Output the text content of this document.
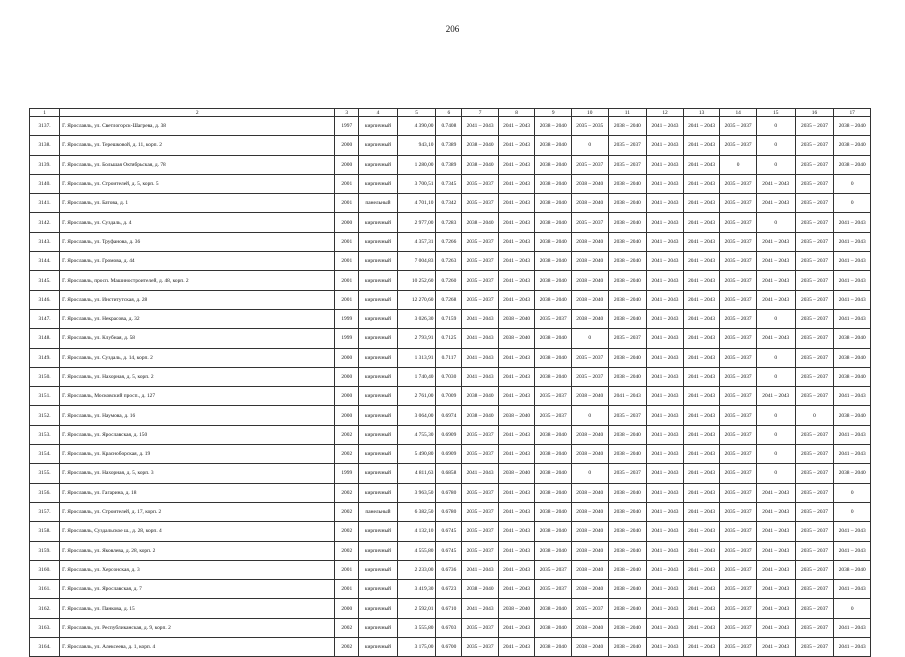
206
1	2	3	4	5	6	7	8	9	10	11	12	13	14	15	16	17
3137.	Г. Ярославль, ул. Светлогорск-Шагрева, д. 38	1997	кирпичный	4 390,00	0.7408	2041 – 2043	2041 – 2043	2038 – 2040	2035 – 2035	2038 – 2040	2041 – 2043	2041 – 2043	2035 – 2037	0	2035 – 2037	2038 – 2040
3138.	Г. Ярославль, ул. Терешковой, д. 11, корп. 2	2000	кирпичный	943,10	0.7389	2038 – 2040	2041 – 2043	2038 – 2040	0	2035 – 2037	2041 – 2043	2041 – 2043	2035 – 2037	0	2035 – 2037	2038 – 2040
3139.	Г. Ярославль, ул. Большая Октябрьская, д. 78	2000	кирпичный	1 280,00	0.7389	2038 – 2040	2041 – 2043	2038 – 2040	2035 – 2037	2035 – 2037	2041 – 2043	2041 – 2043	0	0	2035 – 2037	2038 – 2040
3140.	Г. Ярославль, ул. Строителей, д. 5, корп. 5	2001	кирпичный	3 700,51	0.7345	2035 – 2037	2041 – 2043	2038 – 2040	2038 – 2040	2038 – 2040	2041 – 2043	2041 – 2043	2035 – 2037	2041 – 2043	2035 – 2037	0
3141.	Г. Ярославль, ул. Батова, д. 1	2001	панельный	4 701,10	0.7342	2035 – 2037	2041 – 2043	2038 – 2040	2038 – 2040	2038 – 2040	2041 – 2043	2041 – 2043	2035 – 2037	2041 – 2043	2035 – 2037	0
3142.	Г. Ярославль, ул. Суздаль, д. 4	2000	кирпичный	2 977,00	0.7283	2038 – 2040	2041 – 2043	2038 – 2040	2035 – 2037	2038 – 2040	2041 – 2043	2041 – 2043	2035 – 2037	0	2035 – 2037	2041 – 2043
3143.	Г. Ярославль, ул. Труфанова, д. 36	2001	кирпичный	4 357,31	0.7266	2035 – 2037	2041 – 2043	2038 – 2040	2038 – 2040	2038 – 2040	2041 – 2043	2041 – 2043	2035 – 2037	2041 – 2043	2035 – 2037	2041 – 2043
3144.	Г. Ярославль, ул. Громова, д. 44	2001	кирпичный	7 004,83	0.7263	2035 – 2037	2041 – 2043	2038 – 2040	2038 – 2040	2038 – 2040	2041 – 2043	2041 – 2043	2035 – 2037	2041 – 2043	2035 – 2037	2041 – 2043
3145.	Г. Ярославль, просп. Машиностроителей, д. 48, корп. 2	2001	кирпичный	10 252,60	0.7260	2035 – 2037	2041 – 2043	2038 – 2040	2038 – 2040	2038 – 2040	2041 – 2043	2041 – 2043	2035 – 2037	2041 – 2043	2035 – 2037	2041 – 2043
3146.	Г. Ярославль, ул. Институтская, д. 28	2001	кирпичный	12 270,60	0.7268	2035 – 2037	2041 – 2043	2038 – 2040	2038 – 2040	2038 – 2040	2041 – 2043	2041 – 2043	2035 – 2037	2041 – 2043	2035 – 2037	2041 – 2043
3147.	Г. Ярославль, ул. Некрасова, д. 32	1999	кирпичный	3 026,30	0.7159	2041 – 2043	2038 – 2040	2035 – 2037	2038 – 2040	2038 – 2040	2041 – 2043	2041 – 2043	2035 – 2037	0	2035 – 2037	2041 – 2043
3148.	Г. Ярославль, ул. Клубная, д. 58	1999	кирпичный	2 793,91	0.7125	2041 – 2043	2038 – 2040	2038 – 2040	0	2035 – 2037	2041 – 2043	2041 – 2043	2035 – 2037	2041 – 2043	2035 – 2037	2038 – 2040
3149.	Г. Ярославль, ул. Суздаль, д. 14, корп. 2	2000	кирпичный	1 313,91	0.7117	2041 – 2043	2041 – 2043	2038 – 2040	2035 – 2037	2038 – 2040	2041 – 2043	2041 – 2043	2035 – 2037	0	2035 – 2037	2038 – 2040
3150.	Г. Ярославль, ул. Нахорная, д. 5, корп. 2	2000	кирпичный	1 740,40	0.7030	2041 – 2043	2041 – 2043	2038 – 2040	2035 – 2037	2038 – 2040	2041 – 2043	2041 – 2043	2035 – 2037	0	2035 – 2037	2038 – 2040
3151.	Г. Ярославль, Московский просп., д. 127	2000	кирпичный	2 761,00	0.7009	2038 – 2040	2041 – 2043	2035 – 2037	2038 – 2040	2041 – 2043	2041 – 2043	2041 – 2043	2035 – 2037	2041 – 2043	2035 – 2037	2041 – 2043
3152.	Г. Ярославль, ул. Наумова, д. 16	2000	кирпичный	3 064,00	0.6974	2038 – 2040	2038 – 2040	2035 – 2037	0	2035 – 2037	2041 – 2043	2041 – 2043	2035 – 2037	0	0	2038 – 2040
3153.	Г. Ярославль, ул. Ярославская, д. 150	2002	кирпичный	4 755,30	0.6909	2035 – 2037	2041 – 2043	2038 – 2040	2038 – 2040	2038 – 2040	2041 – 2043	2041 – 2043	2035 – 2037	0	2035 – 2037	2041 – 2043
3154.	Г. Ярославль, ул. Красноборская, д. 19	2002	кирпичный	5 490,80	0.6909	2035 – 2037	2041 – 2043	2038 – 2040	2038 – 2040	2038 – 2040	2041 – 2043	2041 – 2043	2035 – 2037	0	2035 – 2037	2041 – 2043
3155.	Г. Ярославль, ул. Нахорная, д. 5, корп. 3	1999	кирпичный	4 811,63	0.6858	2041 – 2043	2038 – 2040	2038 – 2040	0	2035 – 2037	2041 – 2043	2041 – 2043	2035 – 2037	0	2035 – 2037	2038 – 2040
3156.	Г. Ярославль, ул. Гагарина, д. 18	2002	кирпичный	3 963,50	0.6780	2035 – 2037	2041 – 2043	2038 – 2040	2038 – 2040	2038 – 2040	2041 – 2043	2041 – 2043	2035 – 2037	2041 – 2043	2035 – 2037	0
3157.	Г. Ярославль, ул. Строителей, д. 17, корп. 2	2002	панельный	6 382,50	0.6780	2035 – 2037	2041 – 2043	2038 – 2040	2038 – 2040	2038 – 2040	2041 – 2043	2041 – 2043	2035 – 2037	2041 – 2043	2035 – 2037	0
3158.	Г. Ярославль, Суздальское ш., д. 28, корп. 4	2002	кирпичный	4 132,10	0.6745	2035 – 2037	2041 – 2043	2038 – 2040	2038 – 2040	2038 – 2040	2041 – 2043	2041 – 2043	2035 – 2037	2041 – 2043	2035 – 2037	2041 – 2043
3159.	Г. Ярославль, ул. Яковлева, д. 28, корп. 2	2002	кирпичный	4 555,80	0.6745	2035 – 2037	2041 – 2043	2038 – 2040	2038 – 2040	2038 – 2040	2041 – 2043	2041 – 2043	2035 – 2037	2041 – 2043	2035 – 2037	2041 – 2043
3160.	Г. Ярославль, ул. Херсонская, д. 3	2001	кирпичный	2 233,00	0.6736	2041 – 2043	2041 – 2043	2035 – 2037	2038 – 2040	2038 – 2040	2041 – 2043	2041 – 2043	2035 – 2037	2041 – 2043	2035 – 2037	2038 – 2040
3161.	Г. Ярославль, ул. Ярославская, д. 7	2001	кирпичный	3 419,30	0.6723	2038 – 2040	2041 – 2043	2035 – 2037	2038 – 2040	2038 – 2040	2041 – 2043	2041 – 2043	2035 – 2037	2041 – 2043	2035 – 2037	2041 – 2043
3162.	Г. Ярославль, ул. Панкова, д. 15	2000	кирпичный	2 592,01	0.6710	2041 – 2043	2038 – 2040	2038 – 2040	2035 – 2037	2038 – 2040	2041 – 2043	2041 – 2043	2035 – 2037	2041 – 2043	2035 – 2037	0
3163.	Г. Ярославль, ул. Республиканская, д. 9, корп. 2	2002	кирпичный	3 555,80	0.6703	2035 – 2037	2041 – 2043	2038 – 2040	2038 – 2040	2038 – 2040	2041 – 2043	2041 – 2043	2035 – 2037	2041 – 2043	2035 – 2037	2041 – 2043
3164.	Г. Ярославль, ул. Алексеева, д. 1, корп. 4	2002	кирпичный	3 175,00	0.6700	2035 – 2037	2041 – 2043	2038 – 2040	2038 – 2040	2038 – 2040	2041 – 2043	2041 – 2043	2035 – 2037	2041 – 2043	2035 – 2037	2041 – 2043
